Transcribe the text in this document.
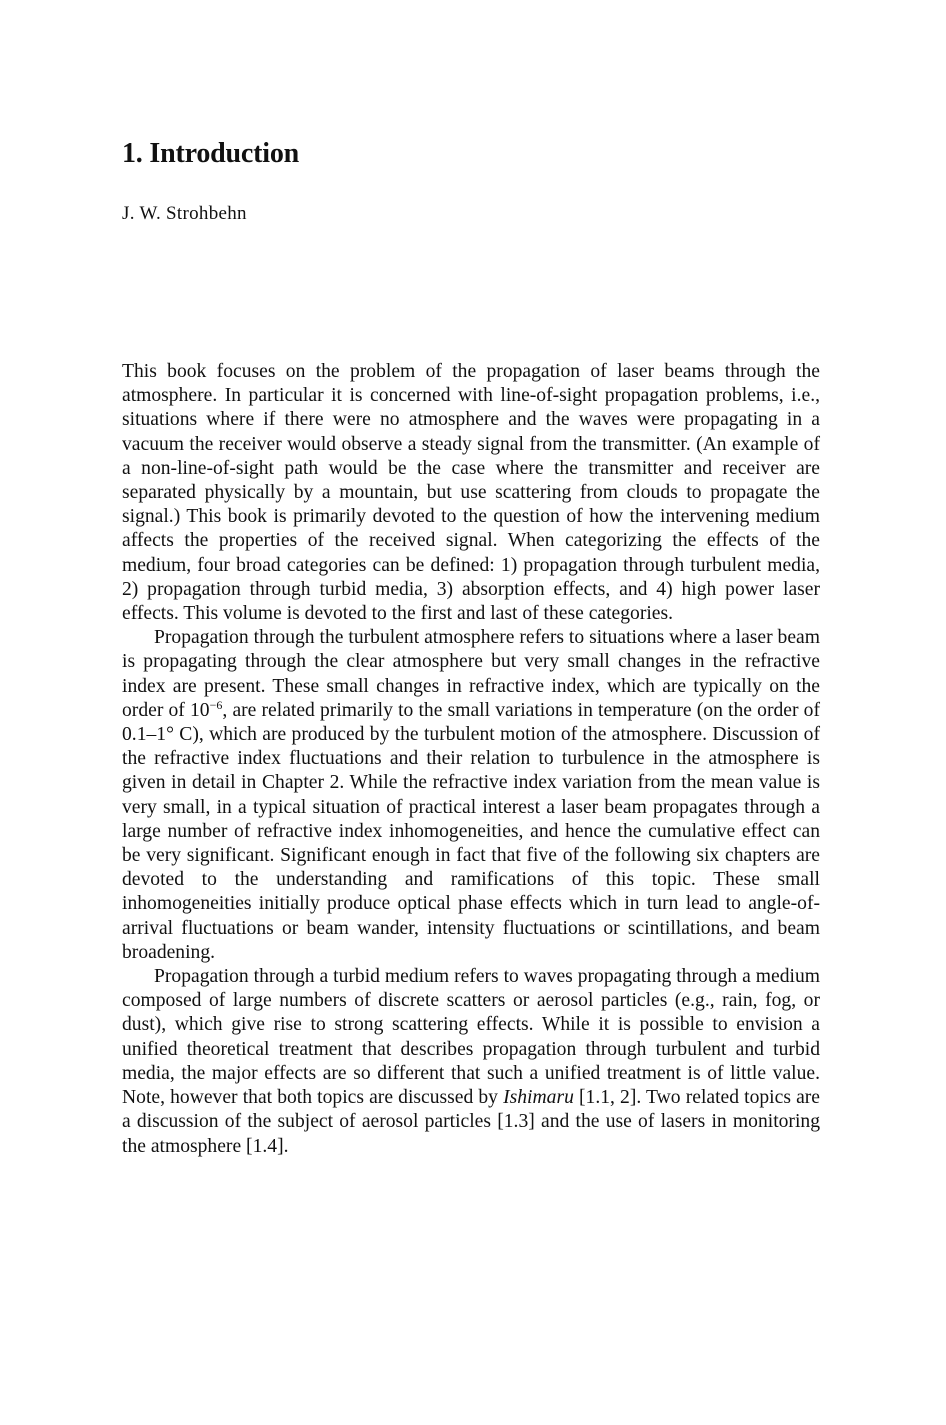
1. Introduction

J. W. Strohbehn

This book focuses on the problem of the propagation of laser beams through the atmosphere. In particular it is concerned with line-of-sight propagation problems, i.e., situations where if there were no atmosphere and the waves were propagating in a vacuum the receiver would observe a steady signal from the transmitter. (An example of a non-line-of-sight path would be the case where the transmitter and receiver are separated physically by a mountain, but use scattering from clouds to propagate the signal.) This book is primarily devoted to the question of how the intervening medium affects the properties of the received signal. When categorizing the effects of the medium, four broad categories can be defined: 1) propagation through turbulent media, 2) propagation through turbid media, 3) absorption effects, and 4) high power laser effects. This volume is devoted to the first and last of these categories.

Propagation through the turbulent atmosphere refers to situations where a laser beam is propagating through the clear atmosphere but very small changes in the refractive index are present. These small changes in refractive index, which are typically on the order of $10^{-6}$, are related primarily to the small variations in temperature (on the order of 0.1–1° C), which are produced by the turbulent motion of the atmosphere. Discussion of the refractive index fluctuations and their relation to turbulence in the atmosphere is given in detail in Chapter 2. While the refractive index variation from the mean value is very small, in a typical situation of practical interest a laser beam propagates through a large number of refractive index inhomogeneities, and hence the cumulative effect can be very significant. Significant enough in fact that five of the following six chapters are devoted to the understanding and ramifications of this topic. These small inhomogeneities initially produce optical phase effects which in turn lead to angle-of-arrival fluctuations or beam wander, intensity fluctuations or scintillations, and beam broadening.

Propagation through a turbid medium refers to waves propagating through a medium composed of large numbers of discrete scatters or aerosol particles (e.g., rain, fog, or dust), which give rise to strong scattering effects. While it is possible to envision a unified theoretical treatment that describes propagation through turbulent and turbid media, the major effects are so different that such a unified treatment is of little value. Note, however that both topics are discussed by Ishimaru [1.1, 2]. Two related topics are a discussion of the subject of aerosol particles [1.3] and the use of lasers in monitoring the atmosphere [1.4].
